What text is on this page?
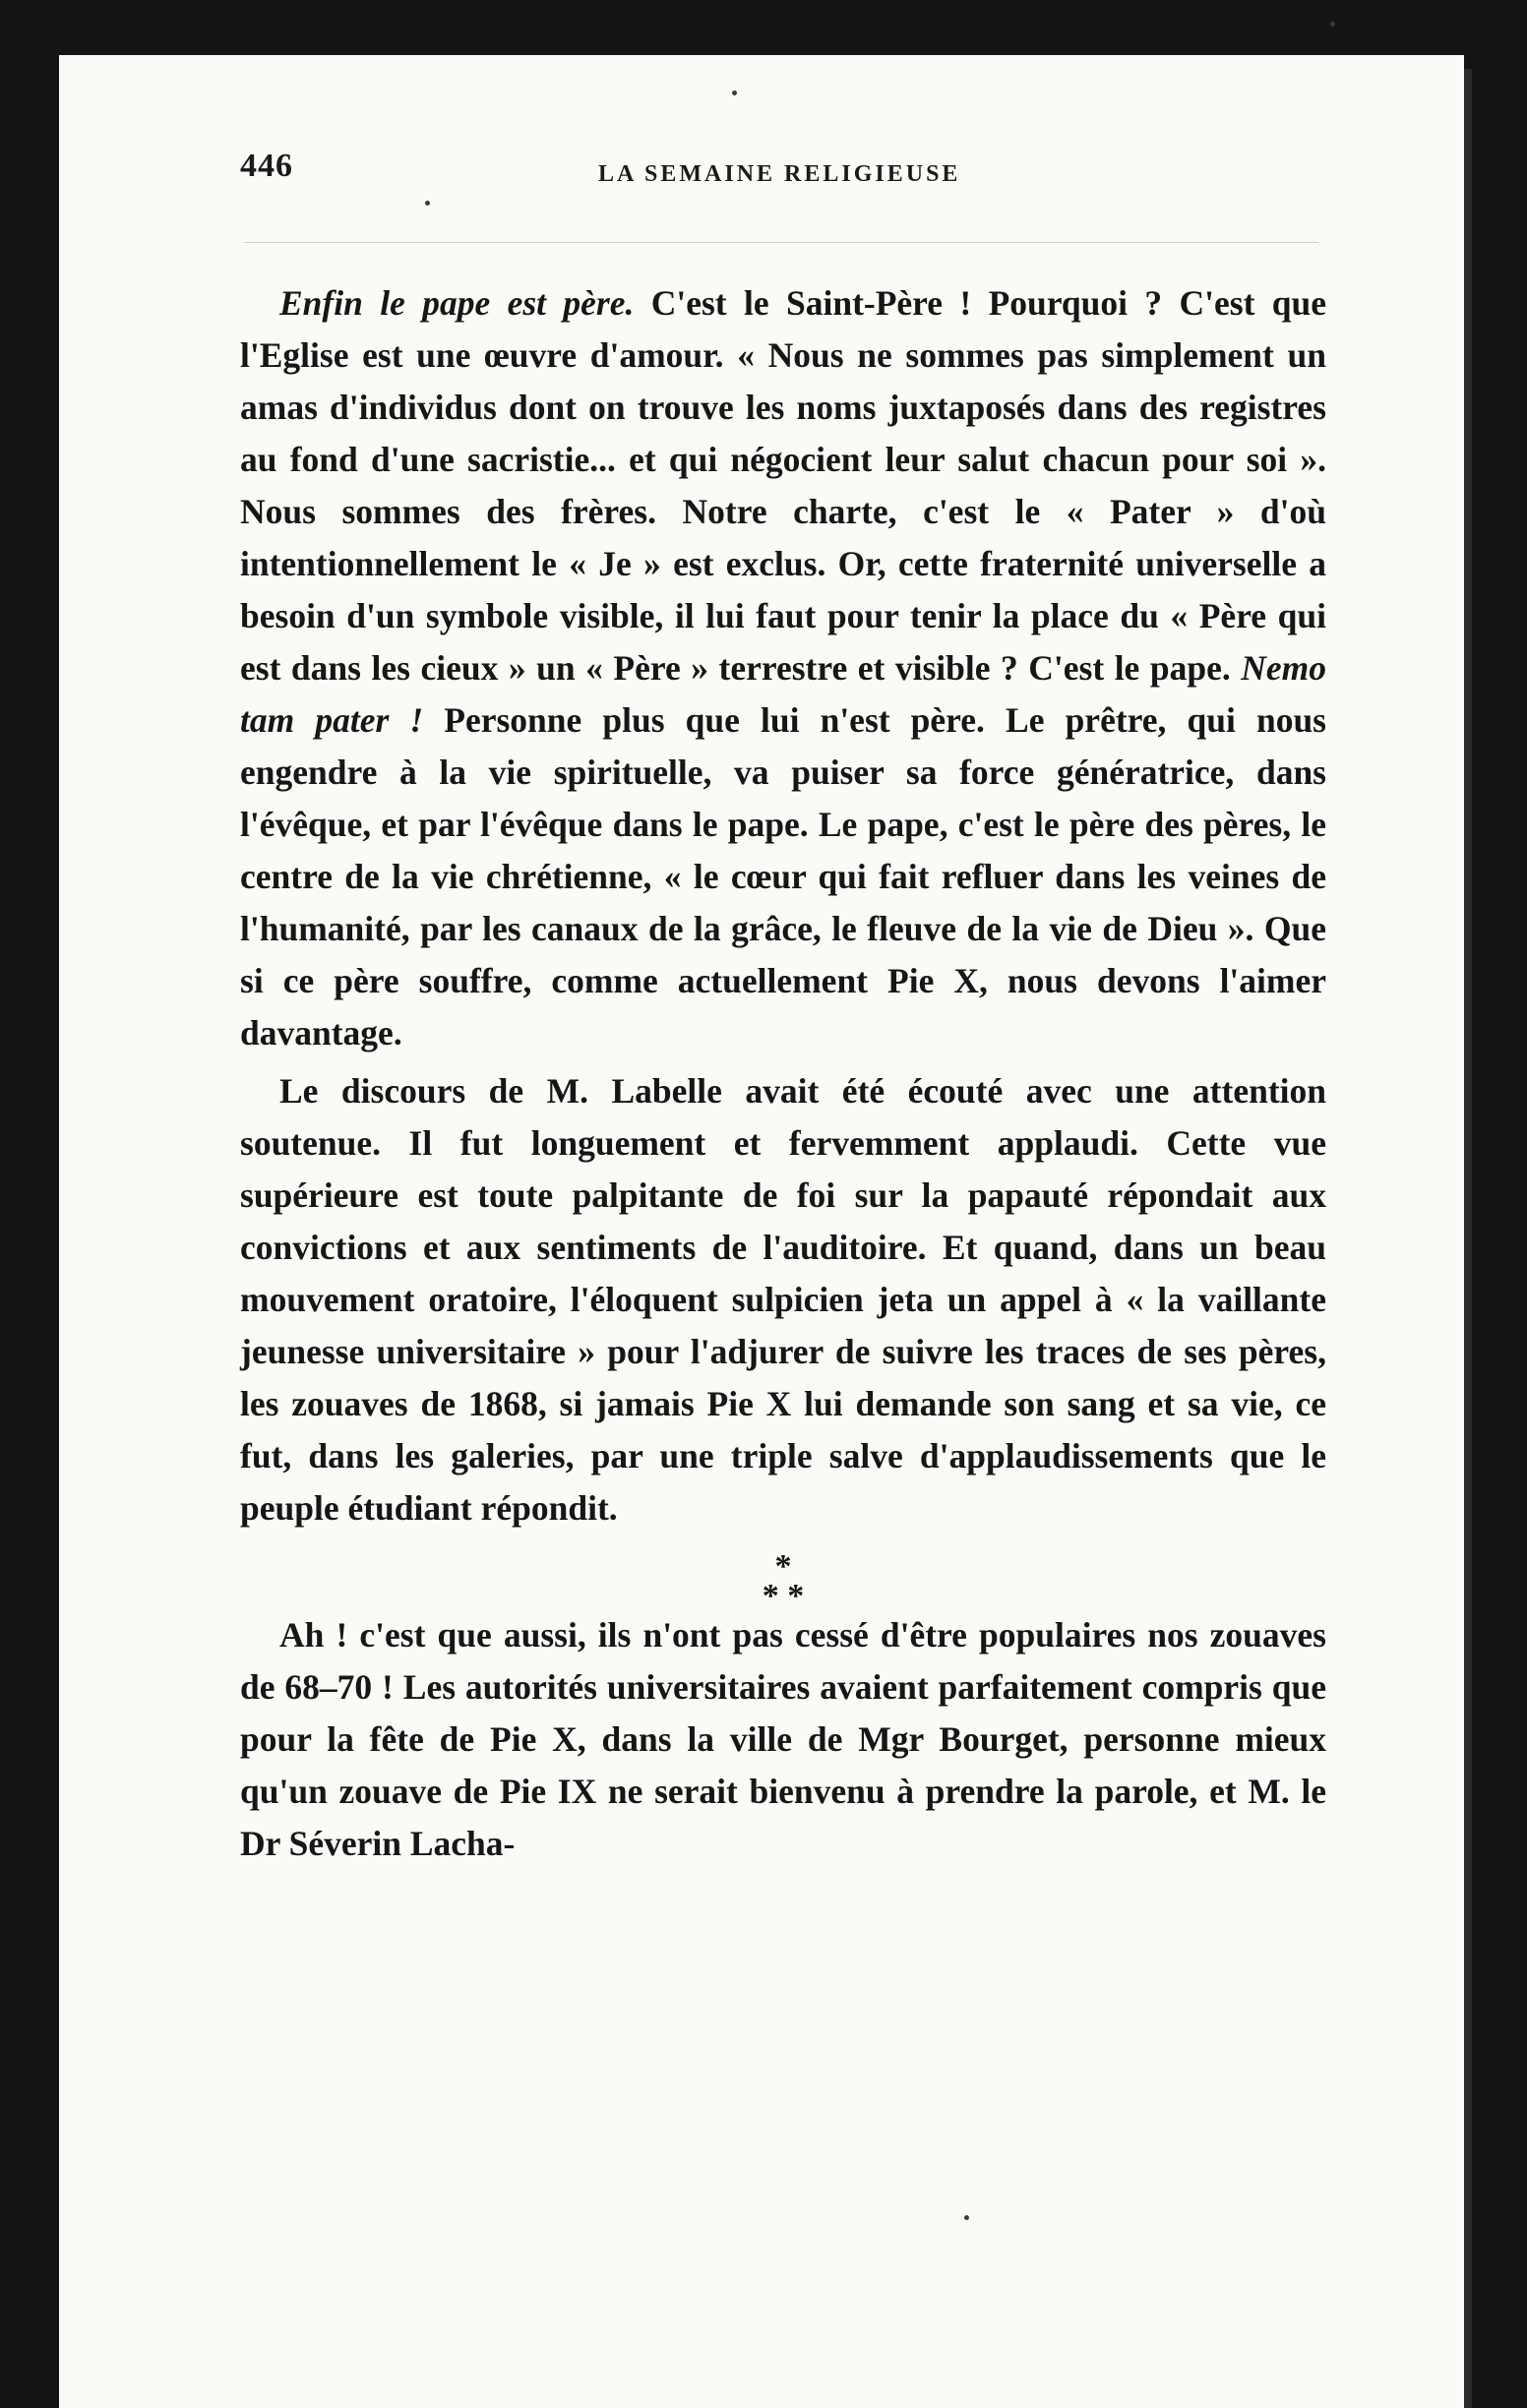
446	LA SEMAINE RELIGIEUSE

Enfin le pape est père. C'est le Saint-Père ! Pourquoi ? C'est que l'Eglise est une œuvre d'amour. « Nous ne sommes pas simplement un amas d'individus dont on trouve les noms juxtaposés dans des registres au fond d'une sacristie... et qui négocient leur salut chacun pour soi ». Nous sommes des frères. Notre charte, c'est le « Pater » d'où intentionnellement le « Je » est exclus. Or, cette fraternité universelle a besoin d'un symbole visible, il lui faut pour tenir la place du « Père qui est dans les cieux » un « Père » terrestre et visible ? C'est le pape. Nemo tam pater ! Personne plus que lui n'est père. Le prêtre, qui nous engendre à la vie spirituelle, va puiser sa force génératrice, dans l'évêque, et par l'évêque dans le pape. Le pape, c'est le père des pères, le centre de la vie chrétienne, « le cœur qui fait refluer dans les veines de l'humanité, par les canaux de la grâce, le fleuve de la vie de Dieu ». Que si ce père souffre, comme actuellement Pie X, nous devons l'aimer davantage.

Le discours de M. Labelle avait été écouté avec une attention soutenue. Il fut longuement et fervemment applaudi. Cette vue supérieure est toute palpitante de foi sur la papauté répondait aux convictions et aux sentiments de l'auditoire. Et quand, dans un beau mouvement oratoire, l'éloquent sulpicien jeta un appel à « la vaillante jeunesse universitaire » pour l'adjurer de suivre les traces de ses pères, les zouaves de 1868, si jamais Pie X lui demande son sang et sa vie, ce fut, dans les galeries, par une triple salve d'applaudissements que le peuple étudiant répondit.

*
* *

Ah ! c'est que aussi, ils n'ont pas cessé d'être populaires nos zouaves de 68–70 ! Les autorités universitaires avaient parfaitement compris que pour la fête de Pie X, dans la ville de Mgr Bourget, personne mieux qu'un zouave de Pie IX ne serait bienvenu à prendre la parole, et M. le Dr Séverin Lacha-
